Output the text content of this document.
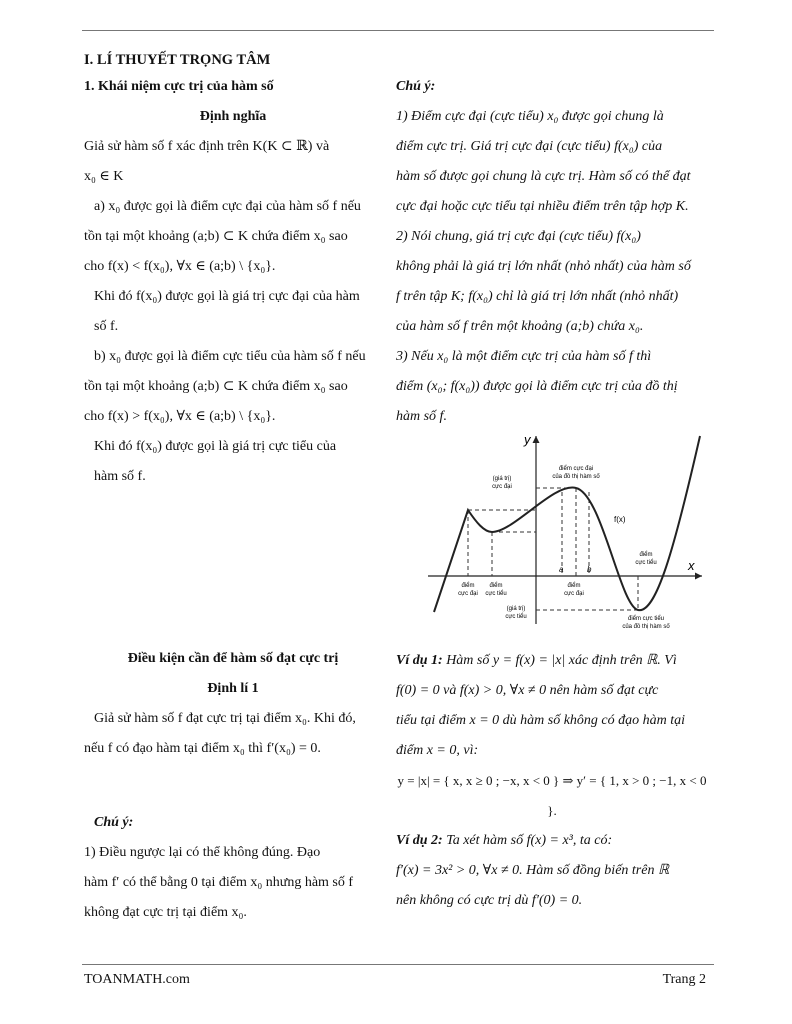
I. LÍ THUYẾT TRỌNG TÂM

1. Khái niệm cực trị của hàm số

Định nghĩa

Giả sử hàm số f xác định trên K(K ⊂ ℝ) và

x₀ ∈ K

a) x₀ được gọi là điểm cực đại của hàm số f nếu

tồn tại một khoảng (a;b) ⊂ K chứa điểm x₀ sao

cho f(x) < f(x₀), ∀x ∈ (a;b) \ {x₀}.

Khi đó f(x₀) được gọi là giá trị cực đại của hàm

số f.

b) x₀ được gọi là điểm cực tiểu của hàm số f nếu

tồn tại một khoảng (a;b) ⊂ K chứa điểm x₀ sao

cho f(x) > f(x₀), ∀x ∈ (a;b) \ {x₀}.

Khi đó f(x₀) được gọi là giá trị cực tiểu của

hàm số f.

Chú ý:

1) Điểm cực đại (cực tiểu) x₀ được gọi chung là

điểm cực trị. Giá trị cực đại (cực tiểu) f(x₀) của

hàm số được gọi chung là cực trị. Hàm số có thể đạt

cực đại hoặc cực tiểu tại nhiều điểm trên tập hợp K.

2) Nói chung, giá trị cực đại (cực tiểu) f(x₀)

không phải là giá trị lớn nhất (nhỏ nhất) của hàm số

f trên tập K; f(x₀) chỉ là giá trị lớn nhất (nhỏ nhất)

của hàm số f trên một khoảng (a;b) chứa x₀.

3) Nếu x₀ là một điểm cực trị của hàm số f thì

điểm (x₀; f(x₀)) được gọi là điểm cực trị của đồ thị

hàm số f.

y
x
f(x)
a	b
(giá trị)
cực đại
điểm cực đại
của đồ thị hàm số
điểm
cực đại
điểm
cực tiểu
điểm
cực đại
(giá trị)
cực tiểu
điểm
cực tiểu
điểm cực tiểu
của đồ thị hàm số

Điều kiện cần để hàm số đạt cực trị

Định lí 1

Giả sử hàm số f đạt cực trị tại điểm x₀. Khi đó,

nếu f có đạo hàm tại điểm x₀ thì f′(x₀) = 0.

Chú ý:

1) Điều ngược lại có thể không đúng. Đạo

hàm f′ có thể bằng 0 tại điểm x₀ nhưng hàm số f

không đạt cực trị tại điểm x₀.

Ví dụ 1: Hàm số y = f(x) = |x| xác định trên ℝ. Vì

f(0) = 0 và f(x) > 0, ∀x ≠ 0 nên hàm số đạt cực

tiểu tại điểm x = 0 dù hàm số không có đạo hàm tại

điểm x = 0, vì:

y = |x| = { x, x ≥ 0 ; −x, x < 0 } ⇒ y′ = { 1, x > 0 ; −1, x < 0 }.

Ví dụ 2: Ta xét hàm số f(x) = x³, ta có:

f′(x) = 3x² > 0, ∀x ≠ 0. Hàm số đồng biến trên ℝ

nên không có cực trị dù f′(0) = 0.

TOANMATH.com	Trang 2
